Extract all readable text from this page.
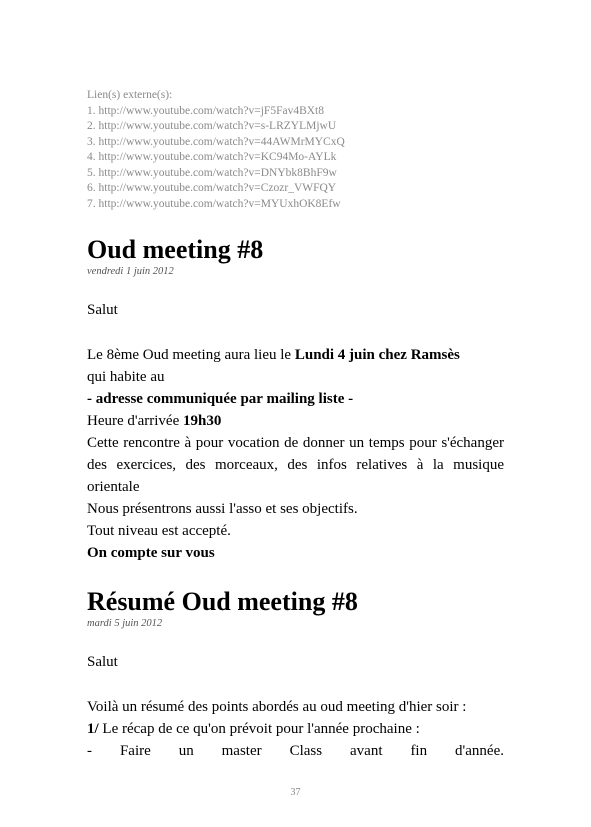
Lien(s) externe(s):
1. http://www.youtube.com/watch?v=jF5Fav4BXt8
2. http://www.youtube.com/watch?v=s-LRZYLMjwU
3. http://www.youtube.com/watch?v=44AWMrMYCxQ
4. http://www.youtube.com/watch?v=KC94Mo-AYLk
5. http://www.youtube.com/watch?v=DNYbk8BhF9w
6. http://www.youtube.com/watch?v=Czozr_VWFQY
7. http://www.youtube.com/watch?v=MYUxhOK8Efw
Oud meeting #8
vendredi 1 juin 2012

Salut

Le 8ème Oud meeting aura lieu le Lundi 4 juin chez Ramsès

qui habite au

- adresse communiquée par mailing liste -

Heure d'arrivée 19h30

Cette rencontre à pour vocation de donner un temps pour s'échanger des exercices, des morceaux, des infos relatives à la musique orientale

Nous présentrons aussi l'asso et ses objectifs.

Tout niveau est accepté.

On compte sur vous

Résumé Oud meeting #8
mardi 5 juin 2012

Salut

Voilà un résumé des points abordés au oud meeting d'hier soir :

1/ Le récap de ce qu'on prévoit pour l'année prochaine :

- Faire un master Class avant fin d'année.

37
